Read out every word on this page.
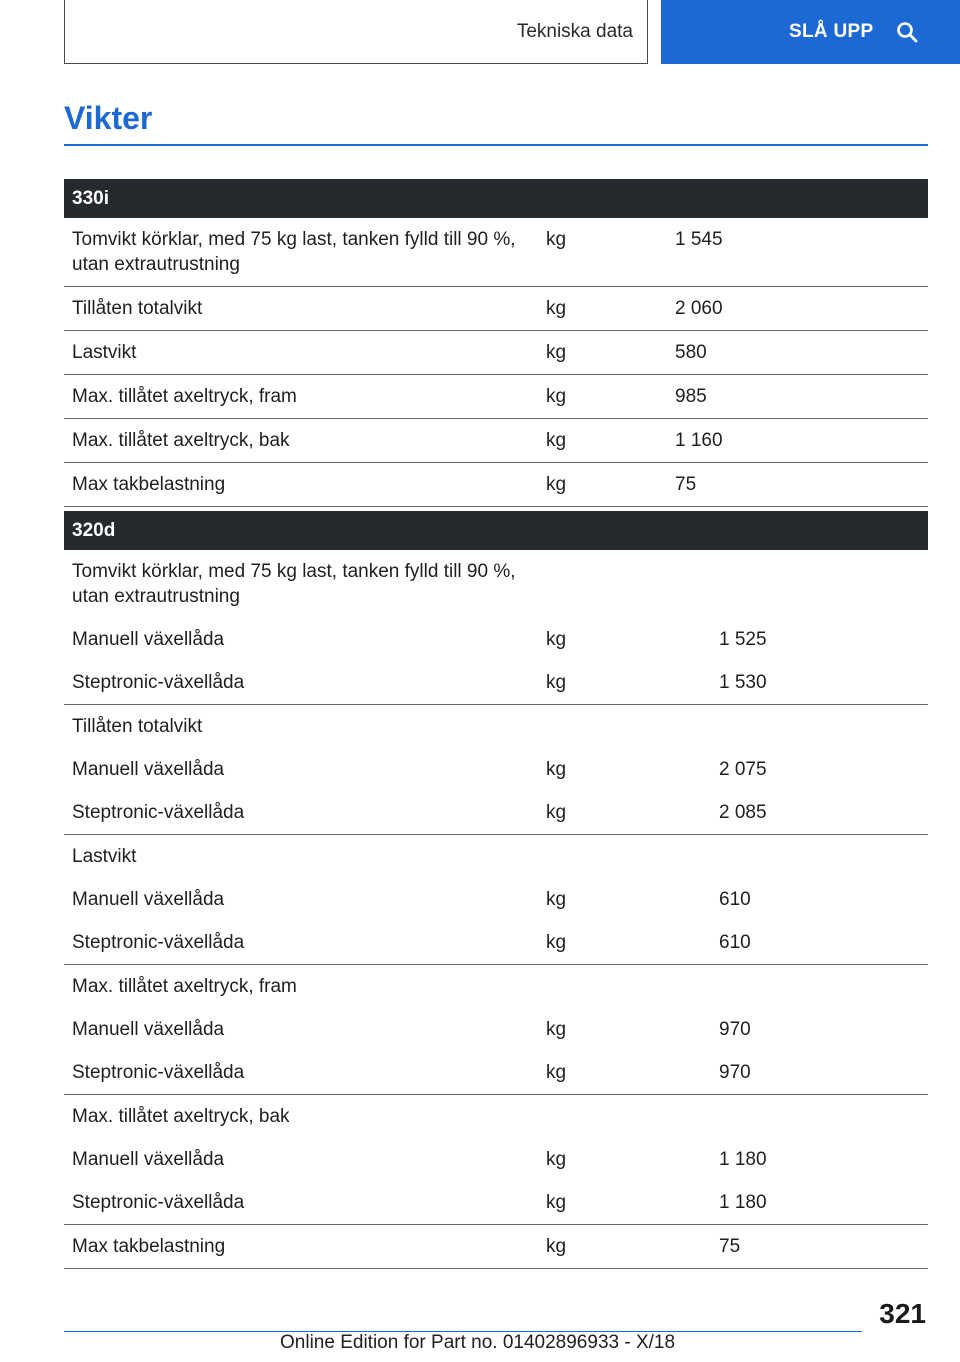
Tekniska data	SLÅ UPP
Vikter
330i		
Tomvikt körklar, med 75 kg last, tanken fylld till 90 %, utan extrautrustning	kg	1 545
Tillåten totalvikt	kg	2 060
Lastvikt	kg	580
Max. tillåtet axeltryck, fram	kg	985
Max. tillåtet axeltryck, bak	kg	1 160
Max takbelastning	kg	75
320d		
Tomvikt körklar, med 75 kg last, tanken fylld till 90 %, utan extrautrustning		
Manuell växellåda	kg	1 525
Steptronic-växellåda	kg	1 530
Tillåten totalvikt		
Manuell växellåda	kg	2 075
Steptronic-växellåda	kg	2 085
Lastvikt		
Manuell växellåda	kg	610
Steptronic-växellåda	kg	610
Max. tillåtet axeltryck, fram		
Manuell växellåda	kg	970
Steptronic-växellåda	kg	970
Max. tillåtet axeltryck, bak		
Manuell växellåda	kg	1 180
Steptronic-växellåda	kg	1 180
Max takbelastning	kg	75
321
Online Edition for Part no. 01402896933 - X/18
